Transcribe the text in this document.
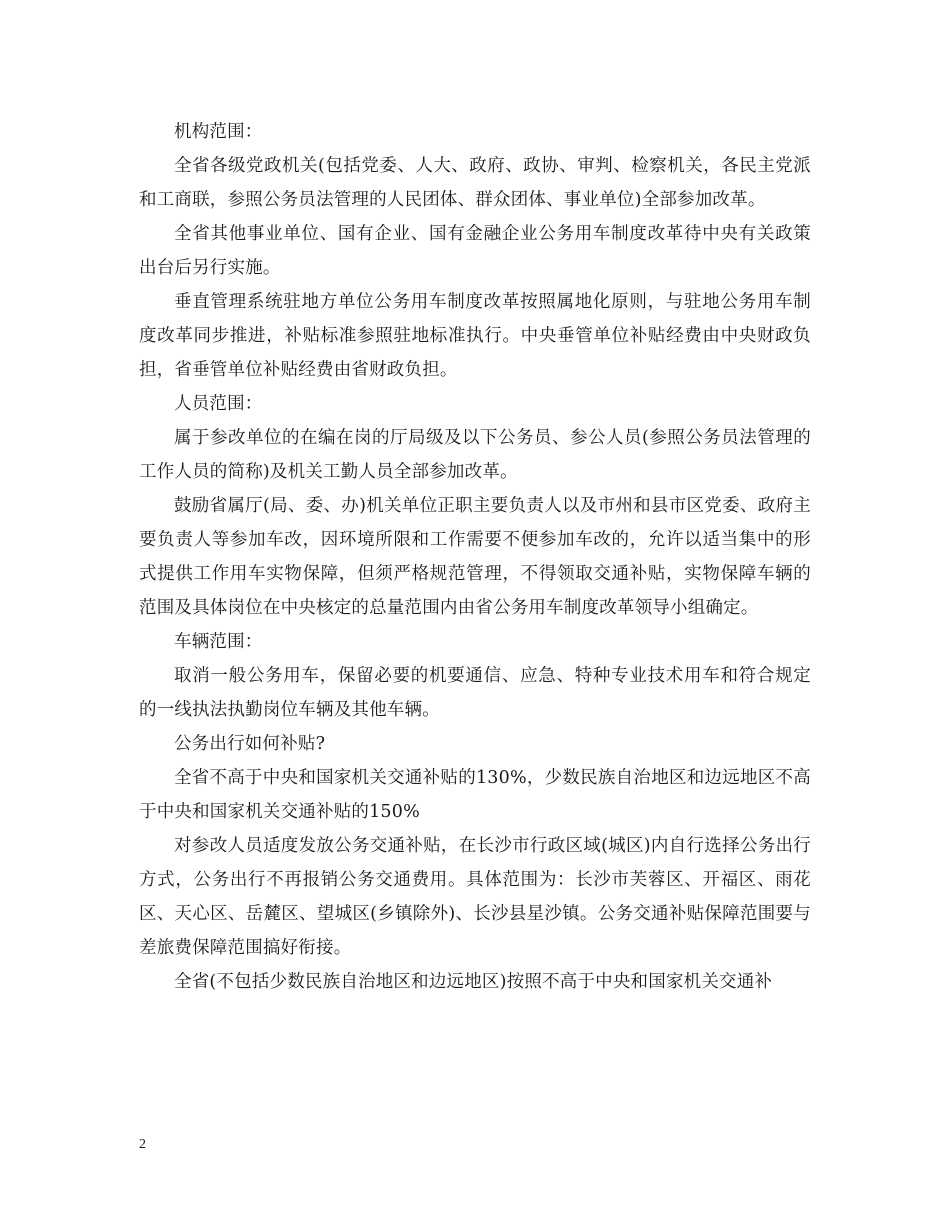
机构范围：

全省各级党政机关(包括党委、人大、政府、政协、审判、检察机关，各民主党派和工商联，参照公务员法管理的人民团体、群众团体、事业单位)全部参加改革。

全省其他事业单位、国有企业、国有金融企业公务用车制度改革待中央有关政策出台后另行实施。

垂直管理系统驻地方单位公务用车制度改革按照属地化原则，与驻地公务用车制度改革同步推进，补贴标准参照驻地标准执行。中央垂管单位补贴经费由中央财政负担，省垂管单位补贴经费由省财政负担。

人员范围：

属于参改单位的在编在岗的厅局级及以下公务员、参公人员(参照公务员法管理的工作人员的简称)及机关工勤人员全部参加改革。

鼓励省属厅(局、委、办)机关单位正职主要负责人以及市州和县市区党委、政府主要负责人等参加车改，因环境所限和工作需要不便参加车改的，允许以适当集中的形式提供工作用车实物保障，但须严格规范管理，不得领取交通补贴，实物保障车辆的范围及具体岗位在中央核定的总量范围内由省公务用车制度改革领导小组确定。

车辆范围：

取消一般公务用车，保留必要的机要通信、应急、特种专业技术用车和符合规定的一线执法执勤岗位车辆及其他车辆。

公务出行如何补贴?

全省不高于中央和国家机关交通补贴的130%，少数民族自治地区和边远地区不高于中央和国家机关交通补贴的150%

对参改人员适度发放公务交通补贴，在长沙市行政区域(城区)内自行选择公务出行方式，公务出行不再报销公务交通费用。具体范围为：长沙市芙蓉区、开福区、雨花区、天心区、岳麓区、望城区(乡镇除外)、长沙县星沙镇。公务交通补贴保障范围要与差旅费保障范围搞好衔接。

全省(不包括少数民族自治地区和边远地区)按照不高于中央和国家机关交通补

2
